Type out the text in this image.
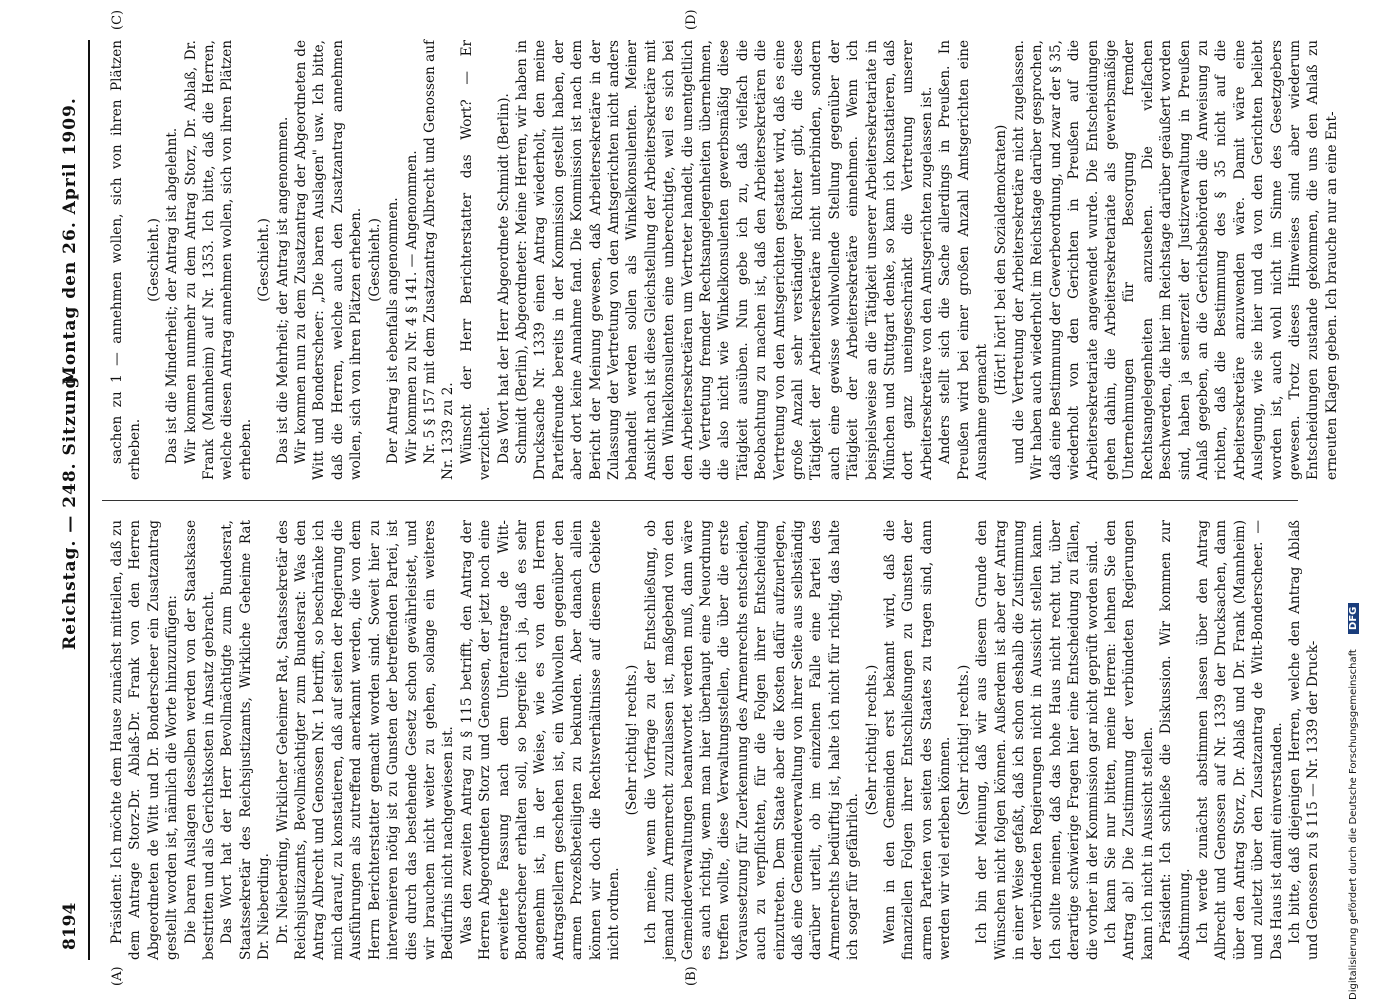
8194
Reichstag. — 248. Sitzung.
Montag den 26. April 1909.
(A)	(B)
(C)	(D)

Präsident: Ich möchte dem Hause zunächst mitteilen, daß zu dem Antrage Storz-Dr. Ablaß-Dr. Frank von den Herren Abgeordneten de Witt und Dr. Bonderscheer ein Zusatzantrag gestellt worden ist, nämlich die Worte hinzuzufügen: Die baren Auslagen desselben werden von der Staatskasse bestritten und als Gerichtskosten in Ansatz gebracht. Das Wort hat der Herr Bevollmächtigte zum Bundesrat, Staatssekretär des Reichsjustizamts, Wirkliche Geheime Rat Dr. Nieberding. Dr. Nieberding, Wirklicher Geheimer Rat, Staatssekretär des Reichsjustizamts, Bevollmächtigter zum Bundesrat: Was den Antrag Albrecht und Genossen Nr. 1 betrifft, so beschränke ich mich darauf, zu konstatieren, daß auf seiten der Regierung die Ausführungen als zutreffend anerkannt werden, die von dem Herrn Berichterstatter gemacht worden sind. Soweit hier zu intervenieren nötig ist zu Gunsten der betreffenden Partei, ist dies durch das bestehende Gesetz schon gewährleistet, und wir brauchen nicht weiter zu gehen, solange ein weiteres Bedürfnis nicht nachgewiesen ist. Was den zweiten Antrag zu § 115 betrifft, den Antrag der Herren Abgeordneten Storz und Genossen, der jetzt noch eine erweiterte Fassung nach dem Unterantrage de Witt-Bonderscheer erhalten soll, so begreife ich ja, daß es sehr angenehm ist, in der Weise, wie es von den Herren Antragstellern geschehen ist, ein Wohlwollen gegenüber den armen Prozeßbeteiligten zu bekunden. Aber danach allein können wir doch die Rechtsverhältnisse auf diesem Gebiete nicht ordnen.

(Sehr richtig! rechts.) Ich meine, wenn die Vorfrage zu der Entschließung, ob jemand zum Armenrecht zuzulassen ist, maßgebend von den Gemeindeverwaltungen beantwortet werden muß, dann wäre es auch richtig, wenn man hier überhaupt eine Neuordnung treffen wollte, diese Verwaltungsstellen, die über die erste Voraussetzung für Zuerkennung des Armenrechts entscheiden, auch zu verpflichten, für die Folgen ihrer Entscheidung einzutreten. Dem Staate aber die Kosten dafür aufzuerlegen, daß eine Gemeindeverwaltung von ihrer Seite aus selbständig darüber urteilt, ob im einzelnen Falle eine Partei des Armenrechts bedürftig ist, halte ich nicht für richtig, das halte ich sogar für gefährlich.

(Sehr richtig! rechts.) Wenn in den Gemeinden erst bekannt wird, daß die finanziellen Folgen ihrer Entschließungen zu Gunsten der armen Parteien von seiten des Staates zu tragen sind, dann werden wir viel erleben können. (Sehr richtig! rechts.) Ich bin der Meinung, daß wir aus diesem Grunde den Wünschen nicht folgen können. Außerdem ist aber der Antrag in einer Weise gefaßt, daß ich schon deshalb die Zustimmung der verbündeten Regierungen nicht in Aussicht stellen kann. Ich sollte meinen, daß das hohe Haus nicht recht tut, über derartige schwierige Fragen hier eine Entscheidung zu fällen, die vorher in der Kommission gar nicht geprüft worden sind. Ich kann Sie nur bitten, meine Herren: lehnen Sie den Antrag ab! Die Zustimmung der verbündeten Regierungen kann ich nicht in Aussicht stellen. Präsident: Ich schließe die Diskussion. Wir kommen zur Abstimmung. Ich werde zunächst abstimmen lassen über den Antrag Albrecht und Genossen auf Nr. 1339 der Drucksachen, dann über den Antrag Storz, Dr. Ablaß und Dr. Frank (Mannheim) und zuletzt über den Zusatzantrag de Witt-Bonderscheer. — Das Haus ist damit einverstanden. Ich bitte, daß diejenigen Herren, welche den Antrag Ablaß und Genossen zu § 115 — Nr. 1339 der Druck-

sachen zu 1 — annehmen wollen, sich von ihren Plätzen erheben.

(Geschieht.) Das ist die Minderheit; der Antrag ist abgelehnt. Wir kommen nunmehr zu dem Antrag Storz, Dr. Ablaß, Dr. Frank (Mannheim) auf Nr. 1353. Ich bitte, daß die Herren, welche diesen Antrag annehmen wollen, sich von ihren Plätzen erheben.

(Geschieht.) Das ist die Mehrheit; der Antrag ist angenommen. Wir kommen nun zu dem Zusatzantrag der Abgeordneten de Witt und Bonderscheer: „Die baren Auslagen" usw. Ich bitte, daß die Herren, welche auch den Zusatzantrag annehmen wollen, sich von ihren Plätzen erheben. (Geschieht.) Der Antrag ist ebenfalls angenommen. Wir kommen zu Nr. 4 § 141. — Angenommen. Nr. 5 § 157 mit dem Zusatzantrag Albrecht und Genossen auf Nr. 1339 zu 2. Wünscht der Herr Berichterstatter das Wort? — Er verzichtet. Das Wort hat der Herr Abgeordnete Schmidt (Berlin). Schmidt (Berlin), Abgeordneter: Meine Herren, wir haben in Drucksache Nr. 1339 einen Antrag wiederholt, den meine Parteifreunde bereits in der Kommission gestellt haben, der aber dort keine Annahme fand. Die Kommission ist nach dem Bericht der Meinung gewesen, daß Arbeitersekretäre in der Zulassung der Vertretung von den Amtsgerichten nicht anders behandelt werden sollen als Winkelkonsulenten. Meiner Ansicht nach ist diese Gleichstellung der Arbeitersekretäre mit den Winkelkonsulenten eine unberechtigte, weil es sich bei den Arbeitersekretären um Vertreter handelt, die unentgeltlich die Vertretung fremder Rechtsangelegenheiten übernehmen, die also nicht wie Winkelkonsulenten gewerbsmäßig diese Tätigkeit ausüben. Nun gebe ich zu, daß vielfach die Beobachtung zu machen ist, daß den Arbeitersekretären die Vertretung von den Amtsgerichten gestattet wird, daß es eine große Anzahl sehr verständiger Richter gibt, die diese Tätigkeit der Arbeitersekretäre nicht unterbinden, sondern auch eine gewisse wohlwollende Stellung gegenüber der Tätigkeit der Arbeitersekretäre einnehmen. Wenn ich beispielsweise an die Tätigkeit unserer Arbeitersekretariate in München und Stuttgart denke, so kann ich konstatieren, daß dort ganz uneingeschränkt die Vertretung unserer Arbeitersekretäre von den Amtsgerichten zugelassen ist. Anders stellt sich die Sache allerdings in Preußen. In Preußen wird bei einer großen Anzahl Amtsgerichten eine Ausnahme gemacht

(Hört! hört! bei den Sozialdemokraten) und die Vertretung der Arbeitersekretäre nicht zugelassen. Wir haben auch wiederholt im Reichstage darüber gesprochen, daß eine Bestimmung der Gewerbeordnung, und zwar der § 35, wiederholt von den Gerichten in Preußen auf die Arbeitersekretariate angewendet wurde. Die Entscheidungen gehen dahin, die Arbeitersekretariate als gewerbsmäßige Unternehmungen für Besorgung fremder Rechtsangelegenheiten anzusehen. Die vielfachen Beschwerden, die hier im Reichstage darüber geäußert worden sind, haben ja seinerzeit der Justizverwaltung in Preußen Anlaß gegeben, an die Gerichtsbehörden die Anweisung zu richten, daß die Bestimmung des § 35 nicht auf die Arbeitersekretäre anzuwenden wäre. Damit wäre eine Auslegung, wie sie hier und da von den Gerichten beliebt worden ist, auch wohl nicht im Sinne des Gesetzgebers gewesen. Trotz dieses Hinweises sind aber wiederum Entscheidungen zustande gekommen, die uns den Anlaß zu erneuten Klagen geben. Ich brauche nur an eine Ent-

Digitalisierung gefördert durch die Deutsche Forschungsgemeinschaft DFG
